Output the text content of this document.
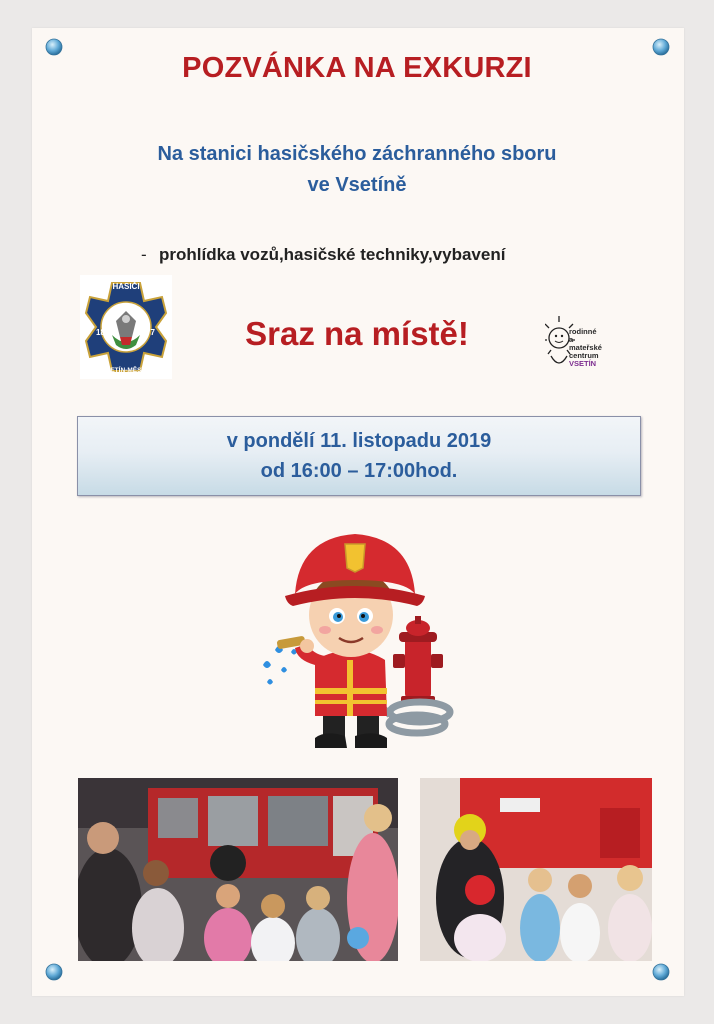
POZVÁNKA NA EXKURZI
Na stanici hasičského záchranného sboru
ve Vsetíně
- prohlídka vozů,hasičské techniky,vybavení
HASIČI
18	77
VSETÍN-MĚSTO
Sraz na místě!	rodinné
a
mateřské
centrum
VSETÍN
v pondělí 11. listopadu 2019
od 16:00 – 17:00hod.
